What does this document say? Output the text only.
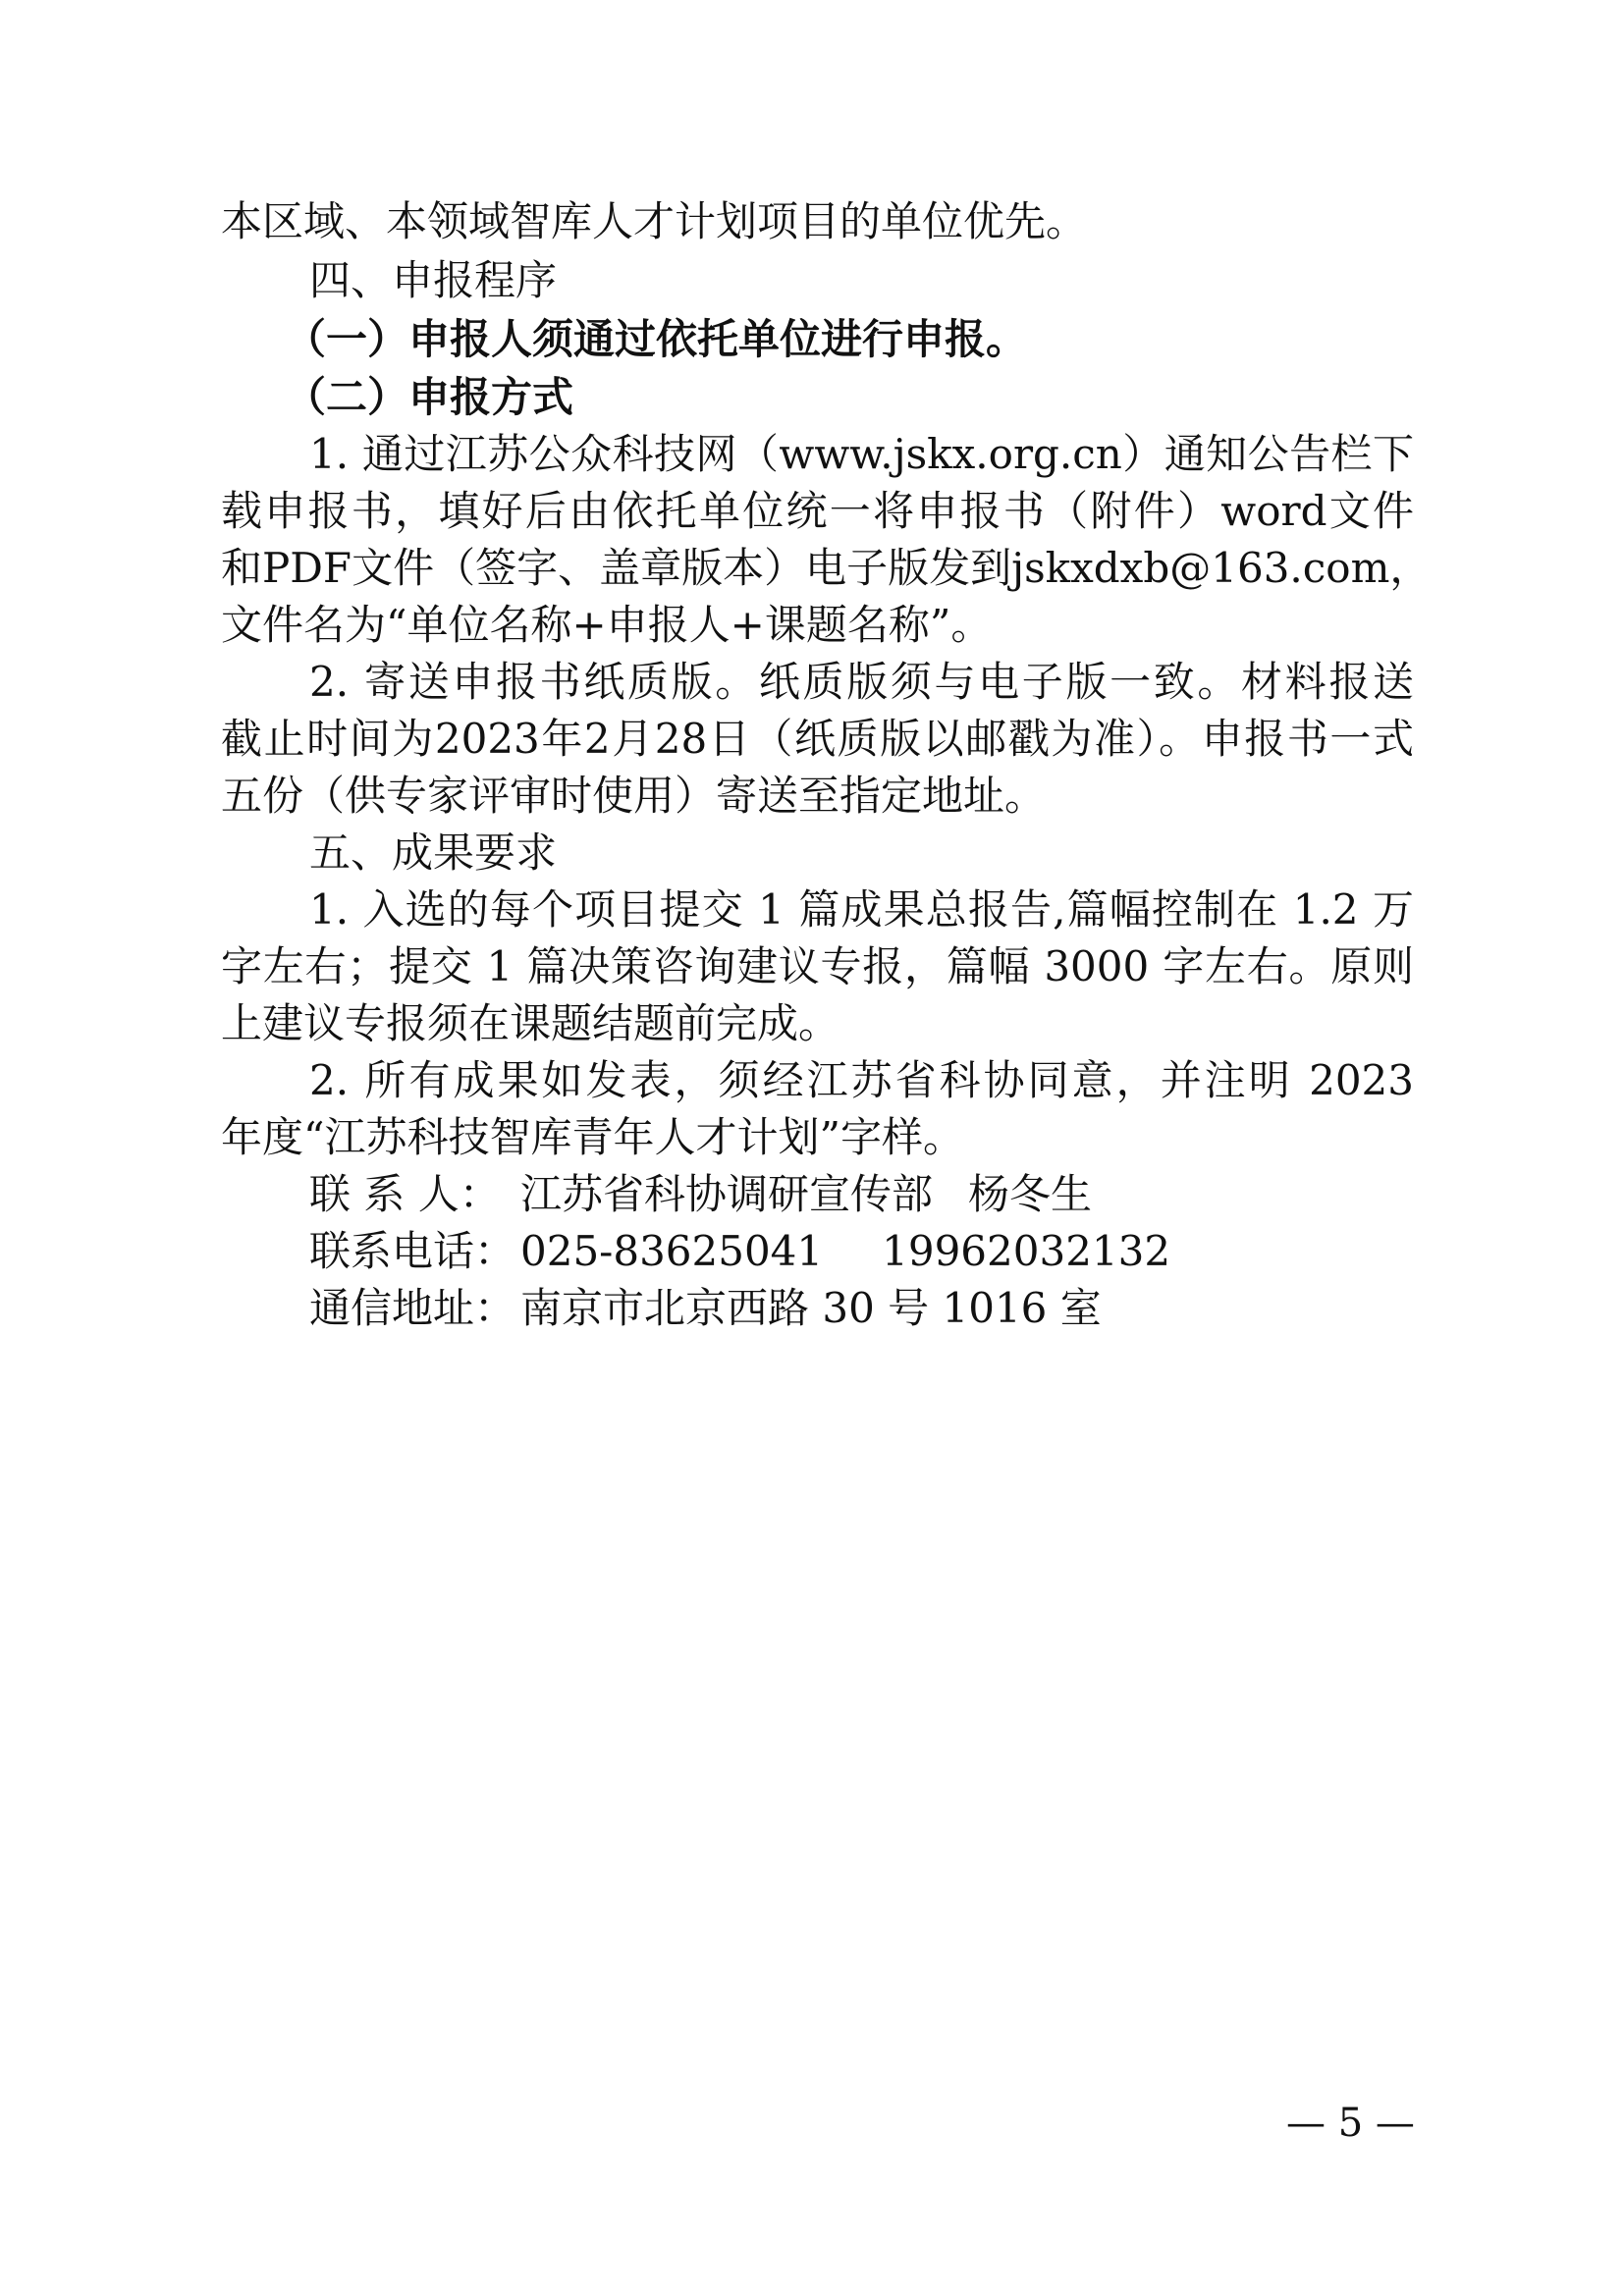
本区域、本领域智库人才计划项目的单位优先。
四、申报程序
（一）申报人须通过依托单位进行申报。
（二）申报方式
1. 通过江苏公众科技网（www.jskx.org.cn）通知公告栏下
载申报书，填好后由依托单位统一将申报书（附件）word文件
和PDF文件（签字、盖章版本）电子版发到jskxdxb@163.com，
文件名为“单位名称+申报人+课题名称”。
2. 寄送申报书纸质版。纸质版须与电子版一致。材料报送
截止时间为2023年2月28日（纸质版以邮戳为准）。申报书一式
五份（供专家评审时使用）寄送至指定地址。
五、成果要求
1. 入选的每个项目提交 1 篇成果总报告,篇幅控制在 1.2 万
字左右；提交 1 篇决策咨询建议专报，篇幅 3000 字左右。原则
上建议专报须在课题结题前完成。
2. 所有成果如发表，须经江苏省科协同意，并注明 2023
年度“江苏科技智库青年人才计划”字样。
联 系 人： 江苏省科协调研宣传部 杨冬生
联系电话： 025-83625041 19962032132
通信地址： 南京市北京西路 30 号 1016 室
— 5 —
